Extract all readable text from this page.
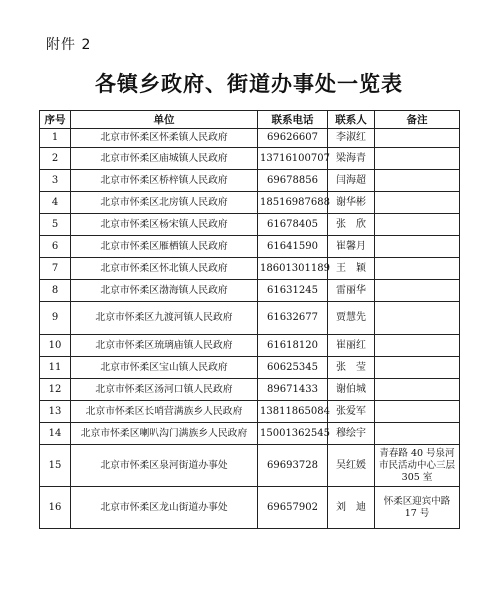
附件 2
各镇乡政府、街道办事处一览表
序号	单位	联系电话	联系人	备注
1	北京市怀柔区怀柔镇人民政府	69626607	李淑红	
2	北京市怀柔区庙城镇人民政府	13716100707	梁海青	
3	北京市怀柔区桥梓镇人民政府	69678856	闫海超	
4	北京市怀柔区北房镇人民政府	18516987688	谢华彬	
5	北京市怀柔区杨宋镇人民政府	61678405	张　欣	
6	北京市怀柔区雁栖镇人民政府	61641590	崔馨月	
7	北京市怀柔区怀北镇人民政府	18601301189	王　颖	
8	北京市怀柔区渤海镇人民政府	61631245	雷丽华	
9	北京市怀柔区九渡河镇人民政府	61632677	贾慧先	
10	北京市怀柔区琉璃庙镇人民政府	61618120	崔丽红	
11	北京市怀柔区宝山镇人民政府	60625345	张　莹	
12	北京市怀柔区汤河口镇人民政府	89671433	谢伯城	
13	北京市怀柔区长哨营满族乡人民政府	13811865084	张爱军	
14	北京市怀柔区喇叭沟门满族乡人民政府	15001362545	穆绘宇	
15	北京市怀柔区泉河街道办事处	69693728	吴红媛	青春路 40 号泉河市民活动中心三层 305 室
16	北京市怀柔区龙山街道办事处	69657902	刘　迪	怀柔区迎宾中路 17 号
